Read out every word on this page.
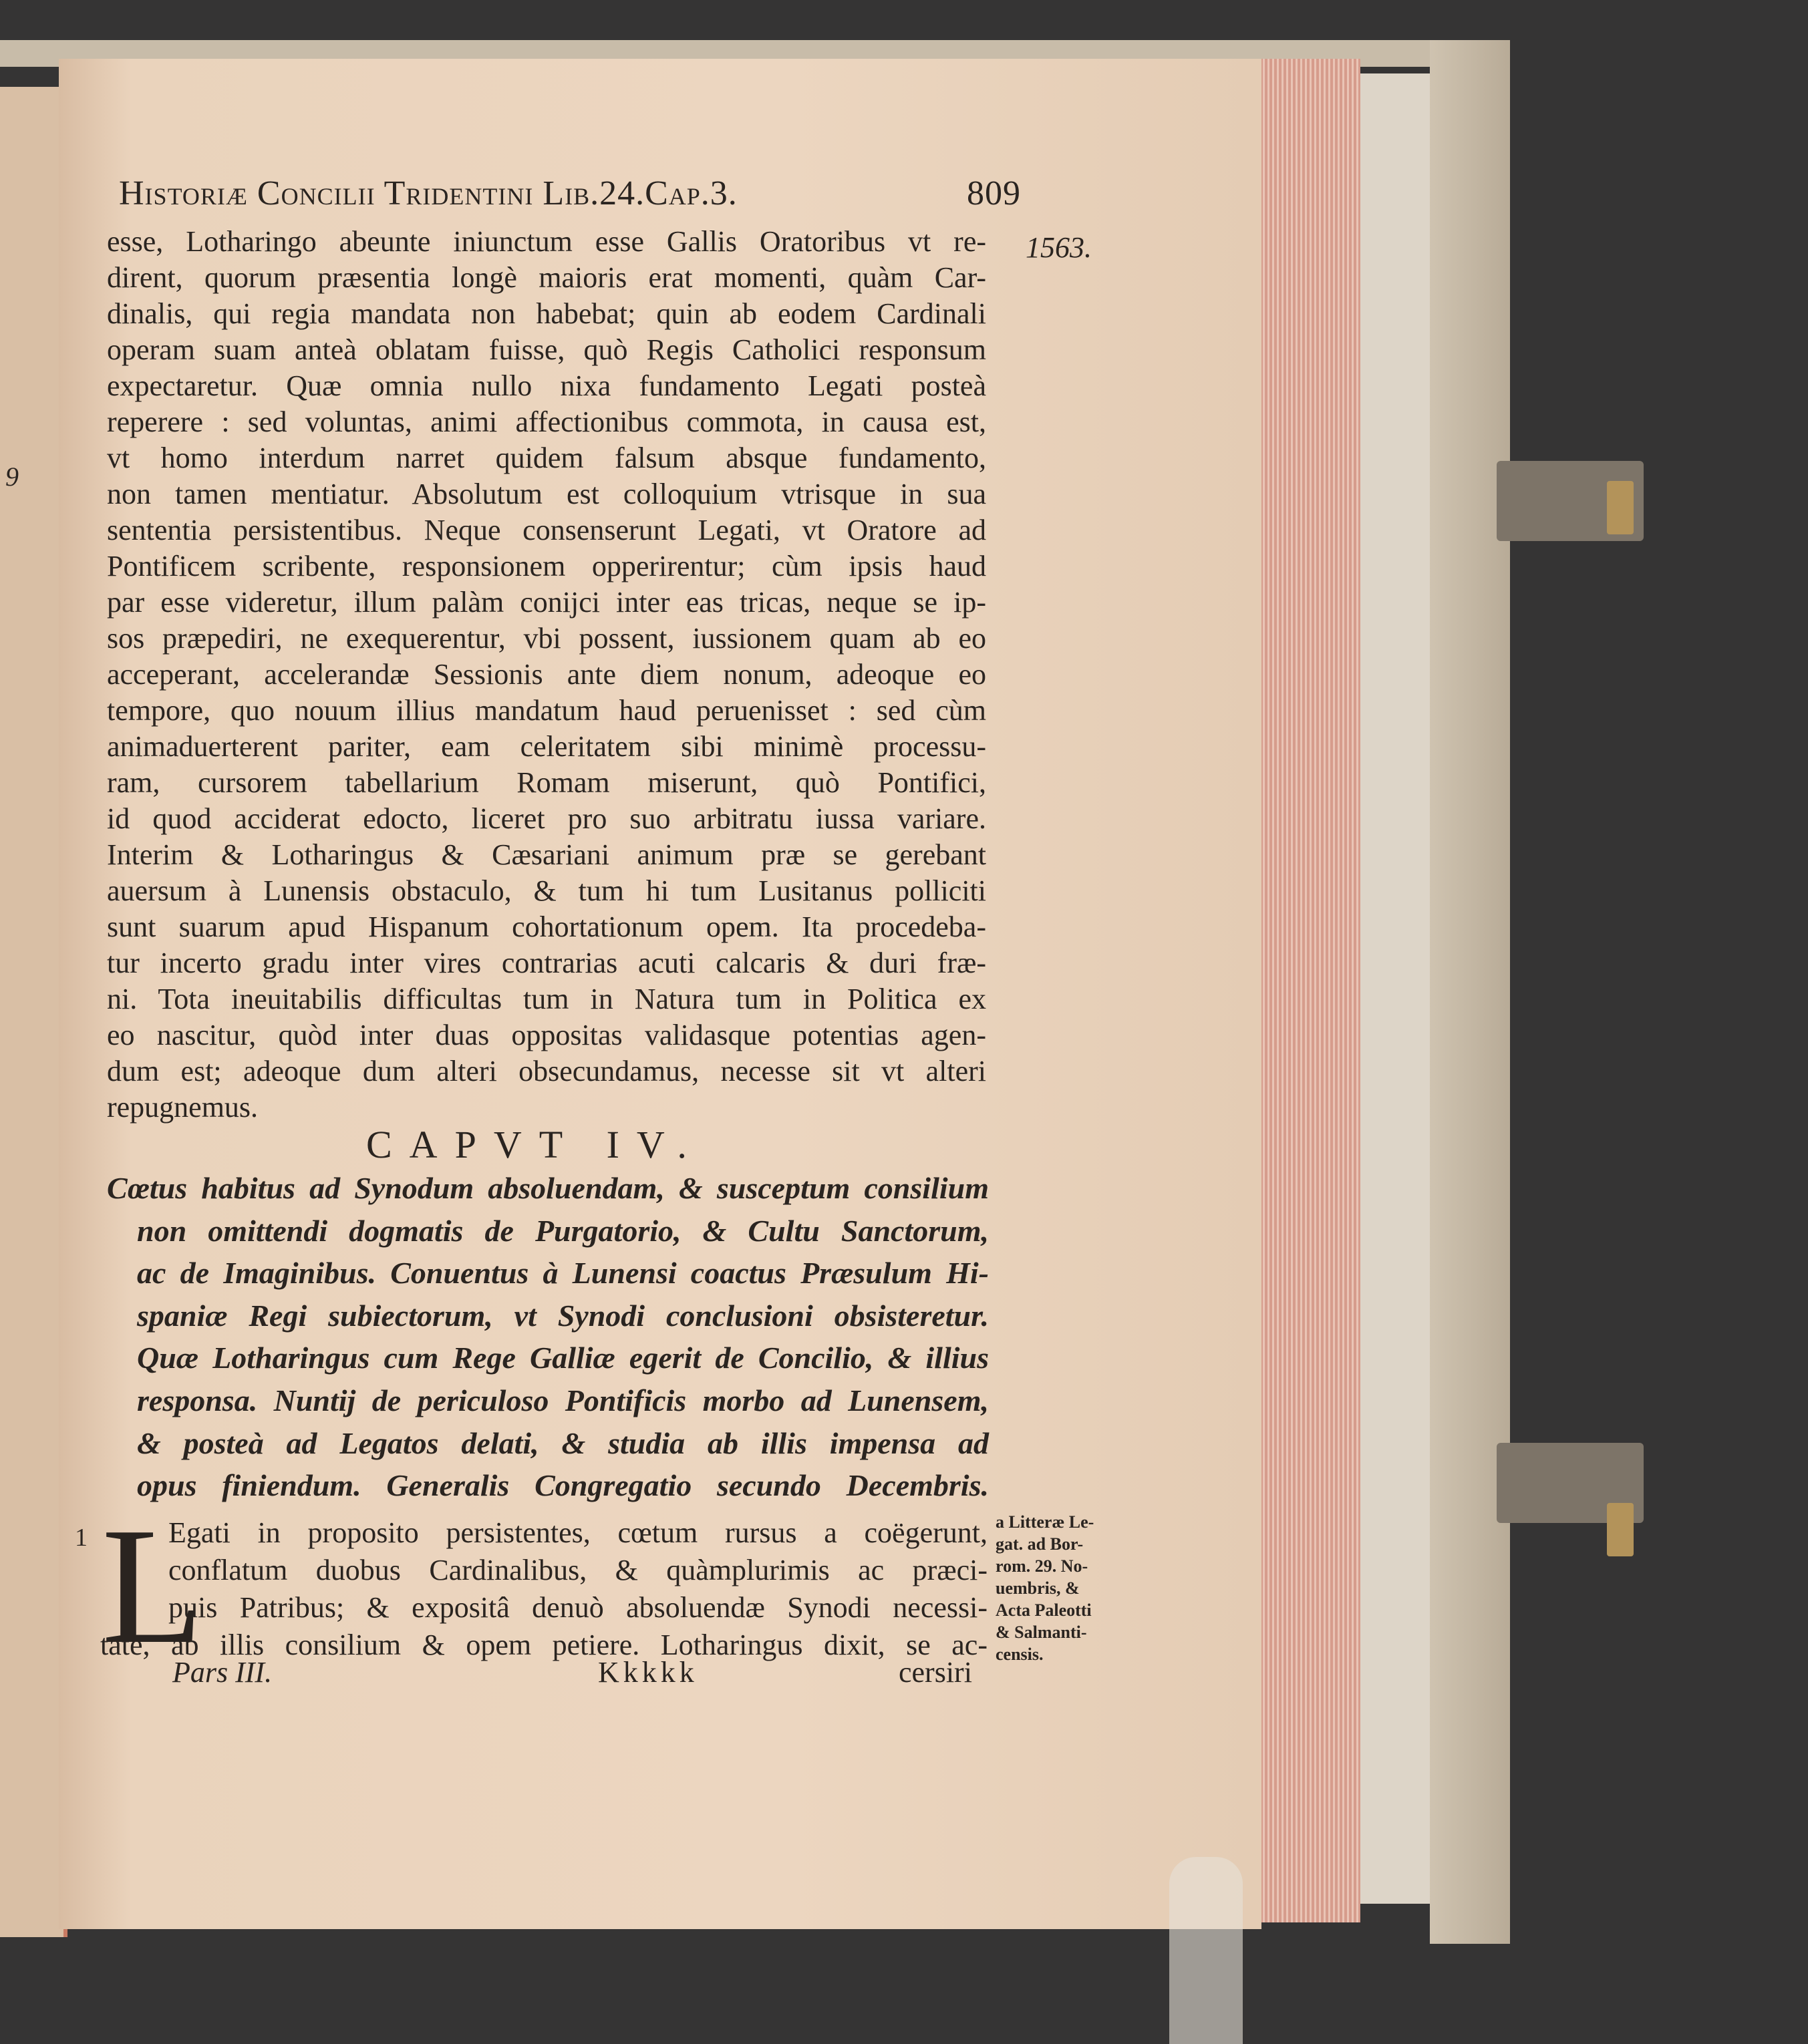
9
Historiæ Concilii Tridentini Lib.24.Cap.3.	809
1563.
esse, Lotharingo abeunte iniunctum esse Gallis Oratoribus vt re-
dirent, quorum præsentia longè maioris erat momenti, quàm Car-
dinalis, qui regia mandata non habebat; quin ab eodem Cardinali
operam suam anteà oblatam fuisse, quò Regis Catholici responsum
expectaretur. Quæ omnia nullo nixa fundamento Legati posteà
reperere : sed voluntas, animi affectionibus commota, in causa est,
vt homo interdum narret quidem falsum absque fundamento,
non tamen mentiatur. Absolutum est colloquium vtrisque in sua
sententia persistentibus. Neque consenserunt Legati, vt Oratore ad
Pontificem scribente, responsionem opperirentur; cùm ipsis haud
par esse videretur, illum palàm conijci inter eas tricas, neque se ip-
sos præpediri, ne exequerentur, vbi possent, iussionem quam ab eo
acceperant, accelerandæ Sessionis ante diem nonum, adeoque eo
tempore, quo nouum illius mandatum haud peruenisset : sed cùm
animaduerterent pariter, eam celeritatem sibi minimè processu-
ram, cursorem tabellarium Romam miserunt, quò Pontifici,
id quod acciderat edocto, liceret pro suo arbitratu iussa variare.
Interim & Lotharingus & Cæsariani animum præ se gerebant
auersum à Lunensis obstaculo, & tum hi tum Lusitanus polliciti
sunt suarum apud Hispanum cohortationum opem. Ita procedeba-
tur incerto gradu inter vires contrarias acuti calcaris & duri fræ-
ni. Tota ineuitabilis difficultas tum in Natura tum in Politica ex
eo nascitur, quòd inter duas oppositas validasque potentias agen-
dum est; adeoque dum alteri obsecundamus, necesse sit vt alteri
repugnemus.
CAPVT IV.
Cœtus habitus ad Synodum absoluendam, & susceptum consilium
non omittendi dogmatis de Purgatorio, & Cultu Sanctorum,
ac de Imaginibus. Conuentus à Lunensi coactus Præsulum Hi-
spaniæ Regi subiectorum, vt Synodi conclusioni obsisteretur.
Quæ Lotharingus cum Rege Galliæ egerit de Concilio, & illius
responsa. Nuntij de periculoso Pontificis morbo ad Lunensem,
& posteà ad Legatos delati, & studia ab illis impensa ad
opus finiendum. Generalis Congregatio secundo Decembris.
1 L
Egati in proposito persistentes, cœtum rursus a coëgerunt,
conflatum duobus Cardinalibus, & quàmplurimis ac præci-
puis Patribus; & expositâ denuò absoluendæ Synodi necessi-
tate, ab illis consilium & opem petiere. Lotharingus dixit, se ac-
a Litteræ Le-
gat. ad Bor-
rom. 29. No-
uembris, &
Acta Paleotti
& Salmanti-
censis.
Pars III.	Kkkkk	cersiri
